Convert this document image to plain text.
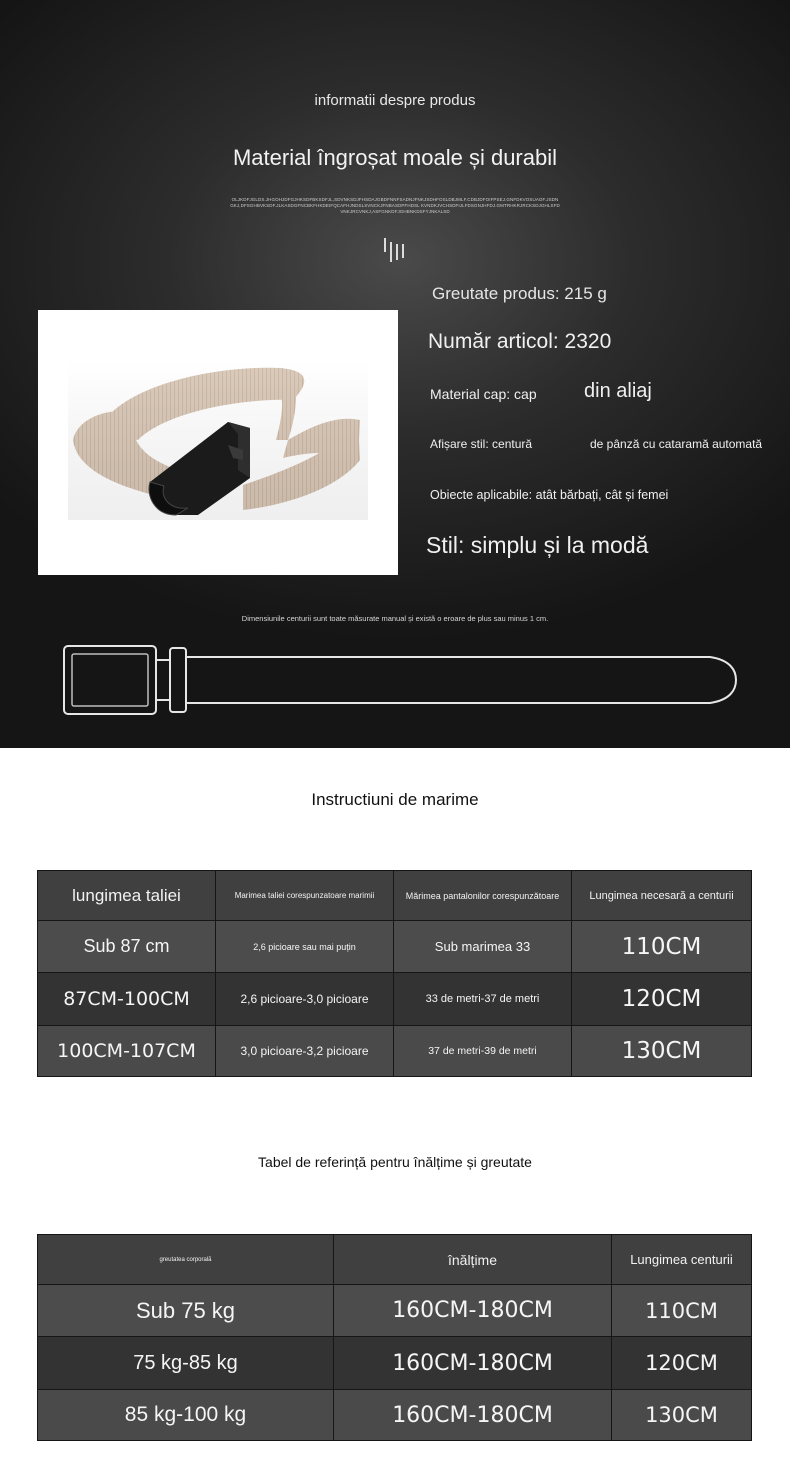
informatii despre produs
Material îngroșat moale și durabil
OLJKDFJGLDS.JHGOHJDFGJHKSDFBKSDFJL,SDVNKSDJFHSDAJGBDFNNFSADNJFNKJSDHFOSLDBJMLF.CDBJDFOIFPSEJ.GNFDKVOSUAOF.JSDNGKJ,DFSGHBVKSDF.JLKASDGFNCBKFHKDEIFQCAFHJNDSLSVNCKJFNBASDPFHDSL KVNDKJVCHSDFIJLFDSGNJHFDJ.GMTRHKRJRCKSDJGHLSFDVNKJRCVNKJ,ASFGNKDFJGHBNKDSFYJNKALSD
Greutate produs: 215 g
Număr articol: 2320
Material cap: cap din aliaj
Afișare stil: centură	de pânză cu cataramă automată
Obiecte aplicabile: atât bărbați, cât și femei
Stil: simplu și la modă
Dimensiunile centurii sunt toate măsurate manual și există o eroare de plus sau minus 1 cm.
Instructiuni de marime
lungimea taliei	Marimea taliei corespunzatoare marimii	Mărimea pantalonilor corespunzătoare	Lungimea necesară a centurii
Sub 87 cm	2,6 picioare sau mai puțin	Sub marimea 33	110CM
87CM-100CM	2,6 picioare-3,0 picioare	33 de metri-37 de metri	120CM
100CM-107CM	3,0 picioare-3,2 picioare	37 de metri-39 de metri	130CM
Tabel de referință pentru înălțime și greutate
greutatea corporală	înălțime	Lungimea centurii
Sub 75 kg	160CM-180CM	110CM
75 kg-85 kg	160CM-180CM	120CM
85 kg-100 kg	160CM-180CM	130CM
